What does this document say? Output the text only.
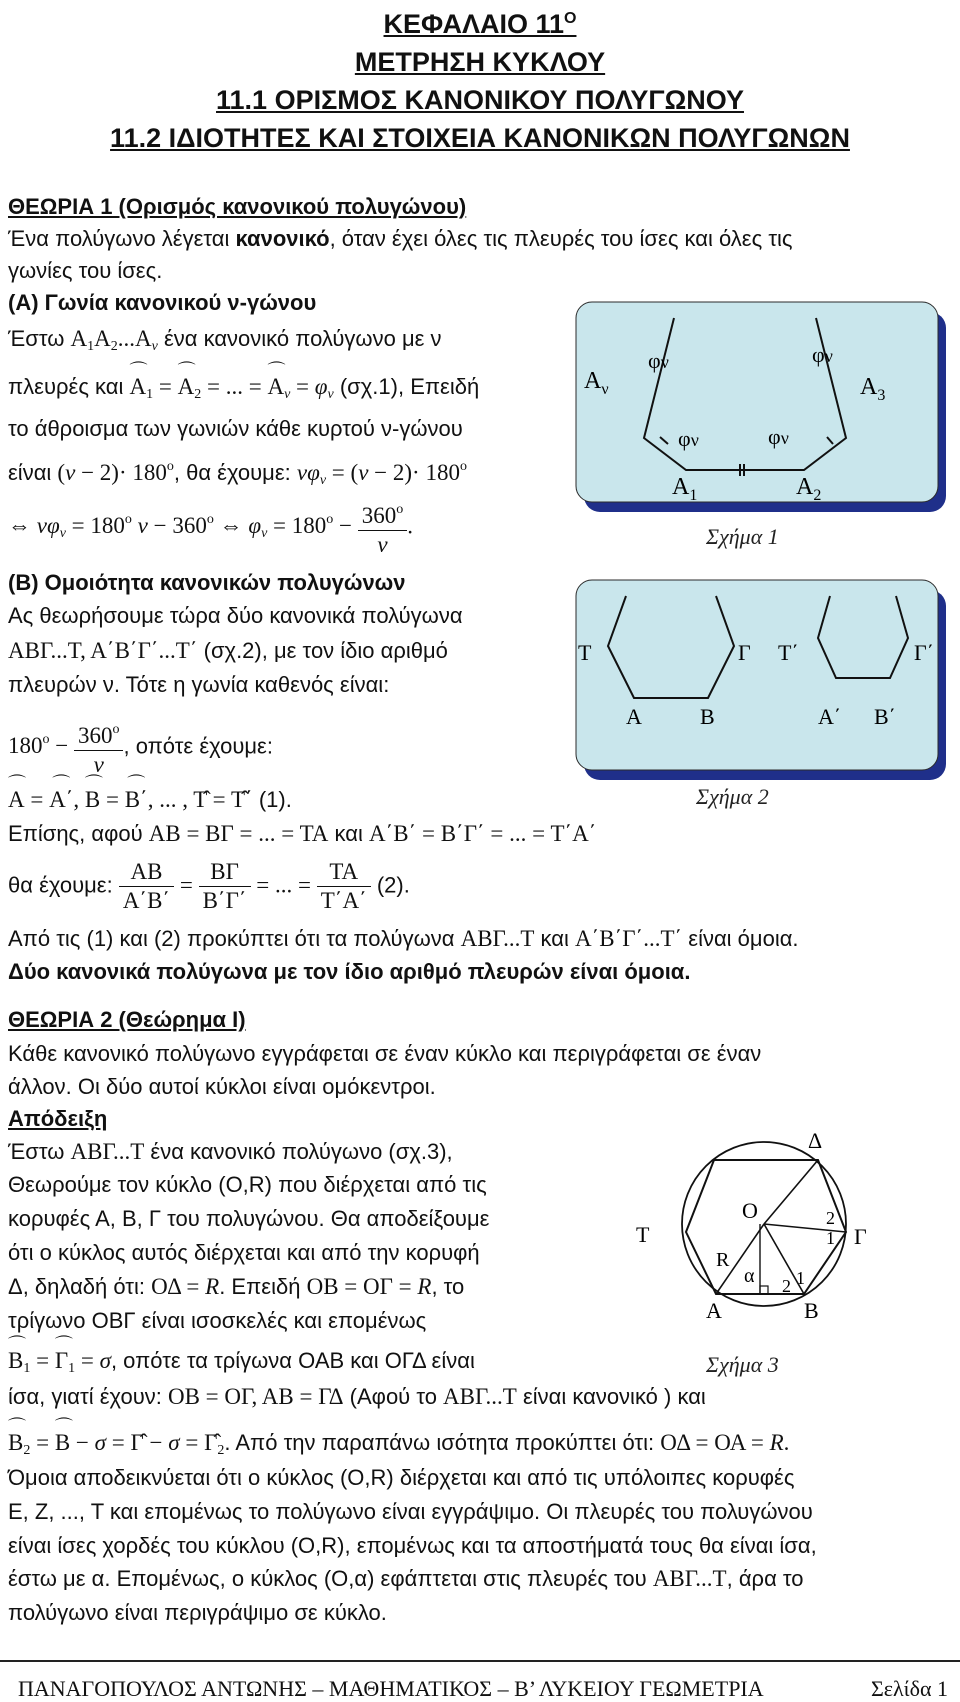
ΚΕΦΑΛΑΙΟ $11^O$
ΜΕΤΡΗΣΗ ΚΥΚΛΟΥ
11.1 ΟΡΙΣΜΟΣ ΚΑΝΟΝΙΚΟΥ ΠΟΛΥΓΩΝΟΥ
11.2 ΙΔΙΟΤΗΤΕΣ ΚΑΙ ΣΤΟΙΧΕΙΑ ΚΑΝΟΝΙΚΩΝ ΠΟΛΥΓΩΝΩΝ
ΘΕΩΡΙΑ 1 (Ορισμός κανονικού πολυγώνου)
Ένα πολύγωνο λέγεται κανονικό, όταν έχει όλες τις πλευρές του ίσες και όλες τις
γωνίες του ίσες.
(Α) Γωνία κανονικού ν-γώνου
Έστω $A_1A_2...A_\nu$ ένα κανονικό πολύγωνο με ν
πλευρές και ⌒ $A_1$ = ⌒ $A_2$ = ... = ⌒ $A_\nu = \varphi_\nu$ (σχ.1), Επειδή
το άθροισμα των γωνιών κάθε κυρτού ν-γώνου
είναι $(\nu - 2)\cdot 180^o$, θα έχουμε: $\nu\varphi_\nu = (\nu - 2)\cdot 180^o$
⇔ $\nu\varphi_\nu = 180^o$ $\nu - 360^o$ ⇔ $\varphi_\nu = 180^o - \frac{360^o}{\nu}$ .
(Β) Ομοιότητα κανονικών πολυγώνων
Ας θεωρήσουμε τώρα δύο κανονικά πολύγωνα
ΑΒΓ...Τ, Α΄Β΄Γ΄...Τ΄ (σχ.2), με τον ίδιο αριθμό
πλευρών ν. Τότε η γωνία καθενός είναι:
$180^o - \frac{360^o}{\nu}$ , οπότε έχουμε:
⌒ Α = ⌒ Α΄, ⌒ Β = ⌒ Β΄, ... , Τ̂ = Τ̂΄ (1).
Επίσης, αφού ΑΒ = ΒΓ = ... = ΤΑ και Α΄Β΄ = Β΄Γ΄ = ... = Τ΄Α΄
θα έχουμε: $\frac{AB}{A΄B΄} = \frac{B\Gamma}{B΄\Gamma΄}$ = ... = $\frac{TA}{T΄A΄} (2)$.
Από τις (1) και (2) προκύπτει ότι τα πολύγωνα ΑΒΓ...Τ και Α΄Β΄Γ΄...Τ΄ είναι όμοια.
Δύο κανονικά πολύγωνα με τον ίδιο αριθμό πλευρών είναι όμοια.
ΘΕΩΡΙΑ 2 (Θεώρημα Ι)
Κάθε κανονικό πολύγωνο εγγράφεται σε έναν κύκλο και περιγράφεται σε έναν
άλλον. Οι δύο αυτοί κύκλοι είναι ομόκεντροι.
Απόδειξη
Έστω ΑΒΓ...Τ ένα κανονικό πολύγωνο (σχ.3),
Θεωρούμε τον κύκλο (Ο,R) που διέρχεται από τις
κορυφές Α, Β, Γ του πολυγώνου. Θα αποδείξουμε
ότι ο κύκλος αυτός διέρχεται και από την κορυφή
Δ, δηλαδή ότι: ΟΔ = R. Επειδή ΟΒ = ΟΓ = R, το
τρίγωνο ΟΒΓ είναι ισοσκελές και επομένως
⌒ $B_1$ = ⌒ $\Gamma_1 = \sigma$, οπότε τα τρίγωνα ΟΑΒ και ΟΓΔ είναι
ίσα, γιατί έχουν: ΟΒ = ΟΓ, ΑΒ = ΓΔ (Αφού το ΑΒΓ...Τ είναι κανονικό ) και
⌒ $B_2$ = ⌒ Β − σ = Γ̂ − $\sigma = \Gammâ_2$. Από την παραπάνω ισότητα προκύπτει ότι: ΟΔ = ΟΑ = R.
Όμοια αποδεικνύεται ότι ο κύκλος (Ο,R) διέρχεται και από τις υπόλοιπες κορυφές
Ε, Ζ, ..., Τ και επομένως το πολύγωνο είναι εγγράψιμο. Οι πλευρές του πολυγώνου
είναι ίσες χορδές του κύκλου (Ο,R), επομένως και τα αποστήματά τους θα είναι ίσα,
έστω με α. Επομένως, ο κύκλος (Ο,α) εφάπτεται στις πλευρές του ΑΒΓ...Τ, άρα το
πολύγωνο είναι περιγράψιμο σε κύκλο.
$A_\nu$	$A_3$
$A_1$	$A_2$
φν	φν
φν	φν
Σχήμα 1
Τ	Γ
Α	Β
Τ΄	Γ΄
Α΄ Β΄
Σχήμα 2
Δ
Τ	Γ
Α	Β
Ο
R
α
2
1
2 1
Σχήμα 3
ΠΑΝΑΓΟΠΟΥΛΟΣ ΑΝΤΩΝΗΣ – ΜΑΘΗΜΑΤΙΚΟΣ – Β’ ΛΥΚΕΙΟΥ ΓΕΩΜΕΤΡΙΑ	Σελίδα 1
